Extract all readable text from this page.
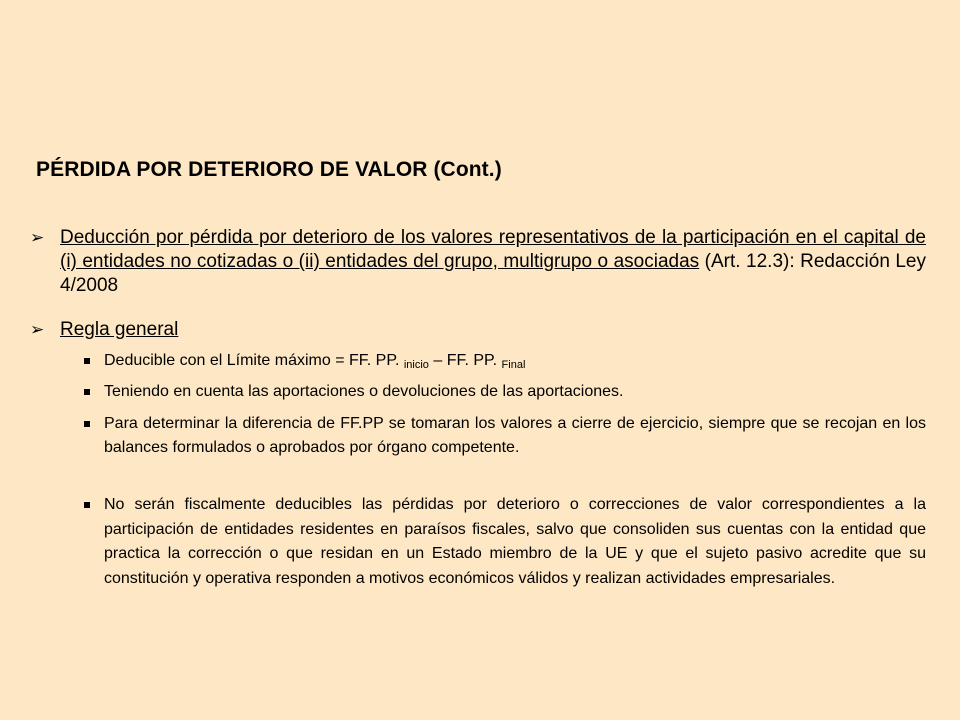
PÉRDIDA POR DETERIORO DE VALOR (Cont.)
➢ Deducción por pérdida por deterioro de los valores representativos de la participación en el capital de (i) entidades no cotizadas o (ii) entidades del grupo, multigrupo o asociadas (Art. 12.3): Redacción Ley 4/2008
➢ Regla general
Deducible con el Límite máximo = FF. PP. $_{inicio}$ – FF. PP. $_{Final}$
Teniendo en cuenta las aportaciones o devoluciones de las aportaciones.
Para determinar la diferencia de FF.PP se tomaran los valores a cierre de ejercicio, siempre que se recojan en los balances formulados o aprobados por órgano competente.
No serán fiscalmente deducibles las pérdidas por deterioro o correcciones de valor correspondientes a la participación de entidades residentes en paraísos fiscales, salvo que consoliden sus cuentas con la entidad que practica la corrección o que residan en un Estado miembro de la UE y que el sujeto pasivo acredite que su constitución y operativa responden a motivos económicos válidos y realizan actividades empresariales.
